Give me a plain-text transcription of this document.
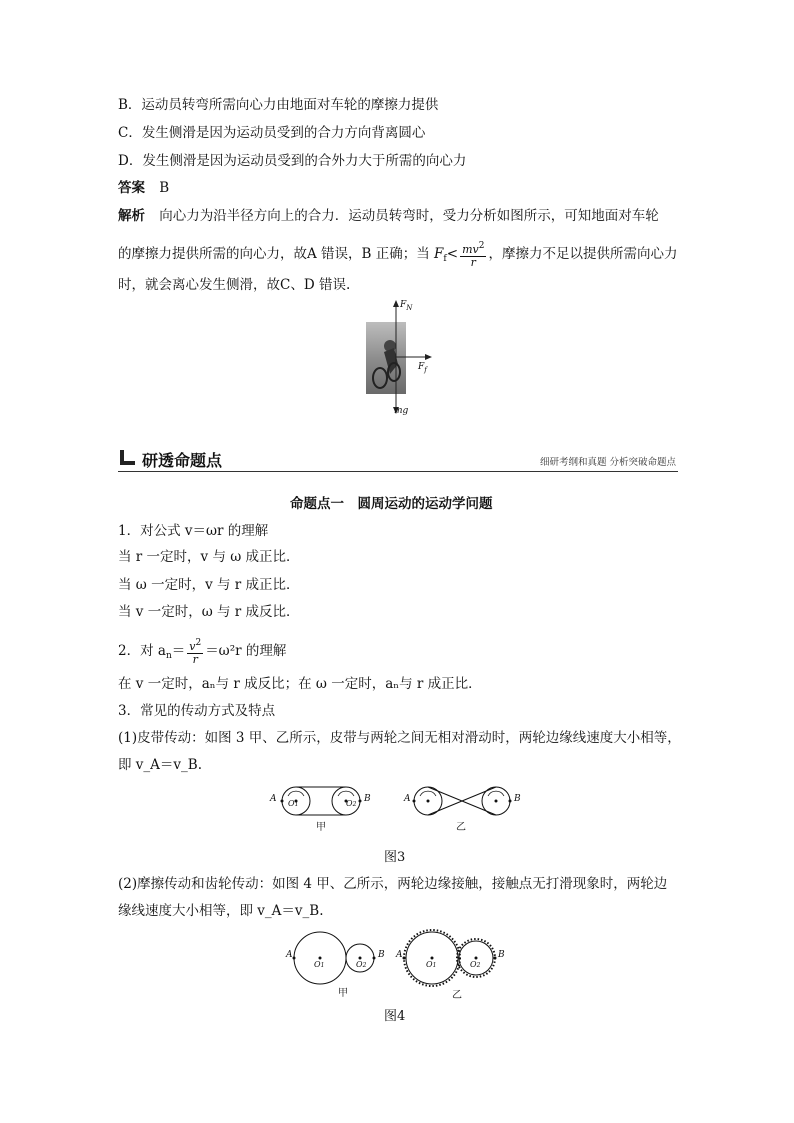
B．运动员转弯所需向心力由地面对车轮的摩擦力提供
C．发生侧滑是因为运动员受到的合力方向背离圆心
D．发生侧滑是因为运动员受到的合外力大于所需的向心力
答案 B
解析 向心力为沿半径方向上的合力．运动员转弯时，受力分析如图所示，可知地面对车轮
的摩擦力提供所需的向心力，故A 错误，B 正确；当 $F_f< \frac{mv^2}{r}$ ，摩擦力不足以提供所需向心力
时，就会离心发生侧滑，故C、D 错误.
$F_N$
$F_f$
mg
研透命题点	细研考纲和真题 分析突破命题点
命题点一　圆周运动的运动学问题
1．对公式 v＝ωr 的理解
当 r 一定时，v 与 ω 成正比．
当 ω 一定时，v 与 r 成正比．
当 v 一定时，ω 与 r 成反比．
2．对 $a_n= \frac{v^2}{r} =\omega^2r$ 的理解
在 v 一定时，aₙ与 r 成反比；在 ω 一定时，aₙ与 r 成正比．
3．常见的传动方式及特点
(1)皮带传动：如图 3 甲、乙所示，皮带与两轮之间无相对滑动时，两轮边缘线速度大小相等，
即 v_A＝v_B.
A	B	A	B
O1	O2
甲	乙
图3
(2)摩擦传动和齿轮传动：如图 4 甲、乙所示，两轮边缘接触，接触点无打滑现象时，两轮边
缘线速度大小相等，即 v_A＝v_B.
A	B A	B
O1	O2	O1	O2
甲	乙
图4
